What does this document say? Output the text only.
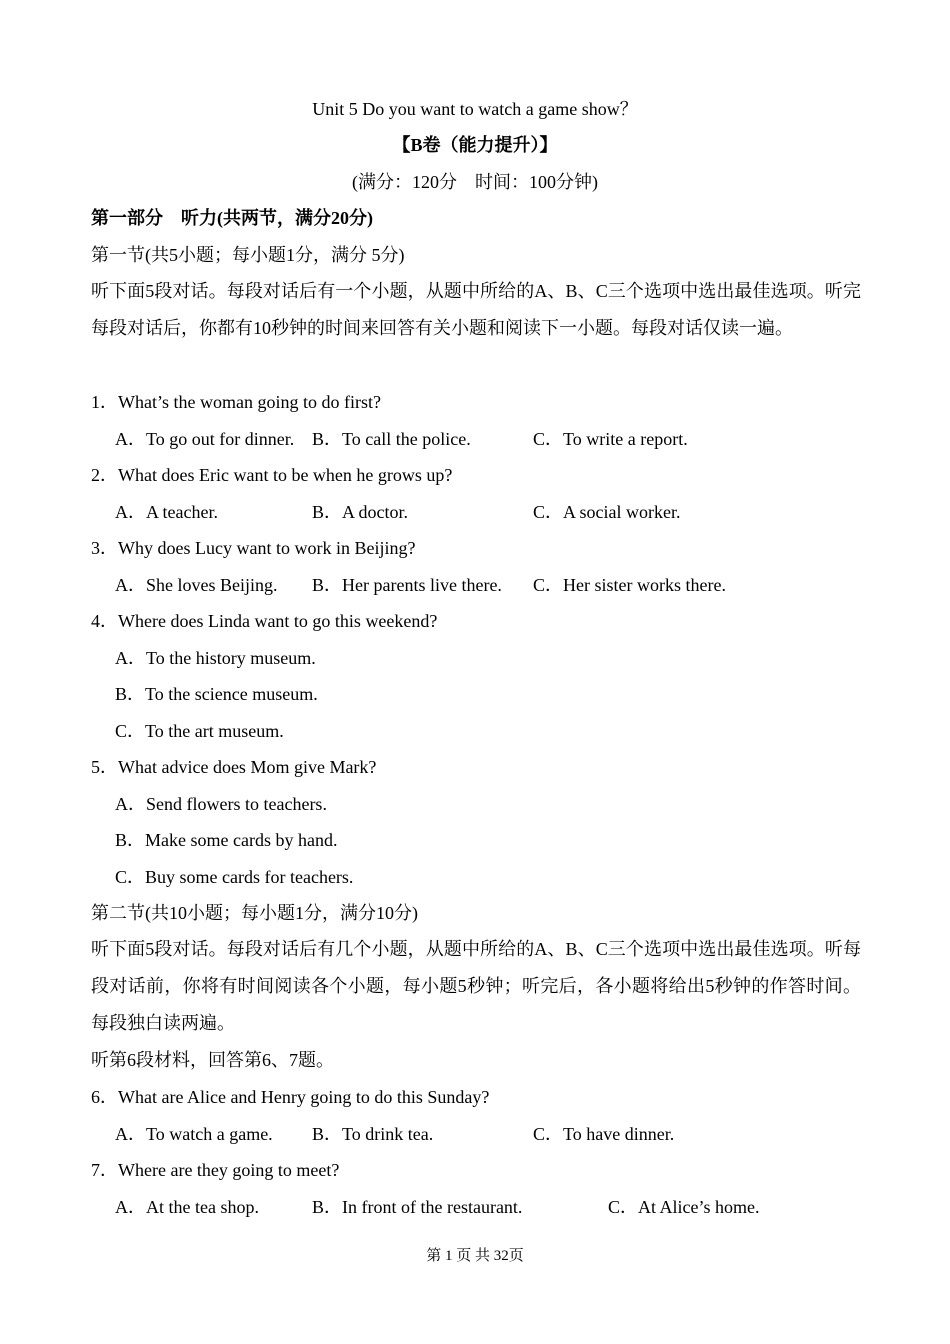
Unit 5 Do you want to watch a game show？
【B卷（能力提升）】
(满分：120分　时间：100分钟)
第一部分　听力(共两节，满分20分)
第一节(共5小题；每小题1分，满分 5分)
听下面5段对话。每段对话后有一个小题，从题中所给的A、B、C三个选项中选出最佳选项。听完每段对话后，你都有10秒钟的时间来回答有关小题和阅读下一小题。每段对话仅读一遍。
1．What’s the woman going to do first?
A．To go out for dinner. B．To call the police.	C．To write a report.
2．What does Eric want to be when he grows up?
A．A teacher.	B．A doctor.	C．A social worker.
3．Why does Lucy want to work in Beijing?
A．She loves Beijing. B．Her parents live there. C．Her sister works there.
4．Where does Linda want to go this weekend?
A．To the history museum.
B．To the science museum.
C．To the art museum.
5．What advice does Mom give Mark?
A．Send flowers to teachers.
B．Make some cards by hand.
C．Buy some cards for teachers.
第二节(共10小题；每小题1分，满分10分)
听下面5段对话。每段对话后有几个小题，从题中所给的A、B、C三个选项中选出最佳选项。听每段对话前，你将有时间阅读各个小题，每小题5秒钟；听完后，各小题将给出5秒钟的作答时间。每段独白读两遍。
听第6段材料，回答第6、7题。
6．What are Alice and Henry going to do this Sunday?
A．To watch a game. B．To drink tea.	C．To have dinner.
7．Where are they going to meet?
A．At the tea shop.	B．In front of the restaurant.	C．At Alice’s home.
第 1 页 共 32页
